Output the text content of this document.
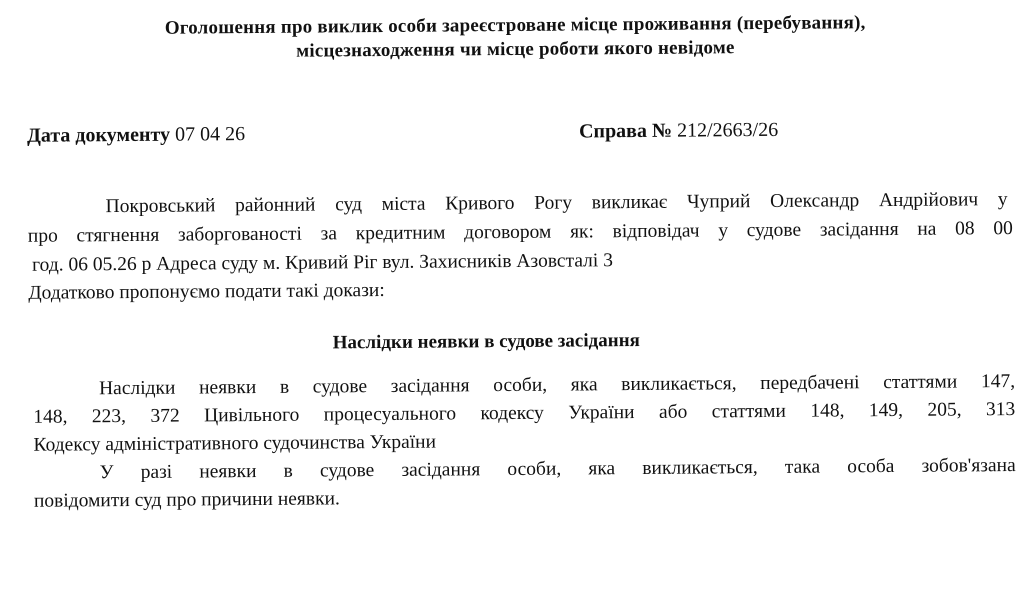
Оголошення про виклик особи зареєстроване місце проживання (перебування),
місцезнаходження чи місце роботи якого невідоме
Дата документу 07 04 26	Справа № 212/2663/26
Покровський районний суд міста Кривого Рогу викликає Чуприй Олександр Андрійович у
про стягнення заборгованості за кредитним договором як: відповідач у судове засідання на 08 00
год. 06 05.26 р Адреса суду м. Кривий Ріг вул. Захисників Азовсталі 3
Додатково пропонуємо подати такі докази:
Наслідки неявки в судове засідання
Наслідки неявки в судове засідання особи, яка викликається, передбачені статтями 147,
148, 223, 372 Цивільного процесуального кодексу України або статтями 148, 149, 205, 313
Кодексу адміністративного судочинства України
У разі неявки в судове засідання особи, яка викликається, така особа зобов'язана
повідомити суд про причини неявки.
